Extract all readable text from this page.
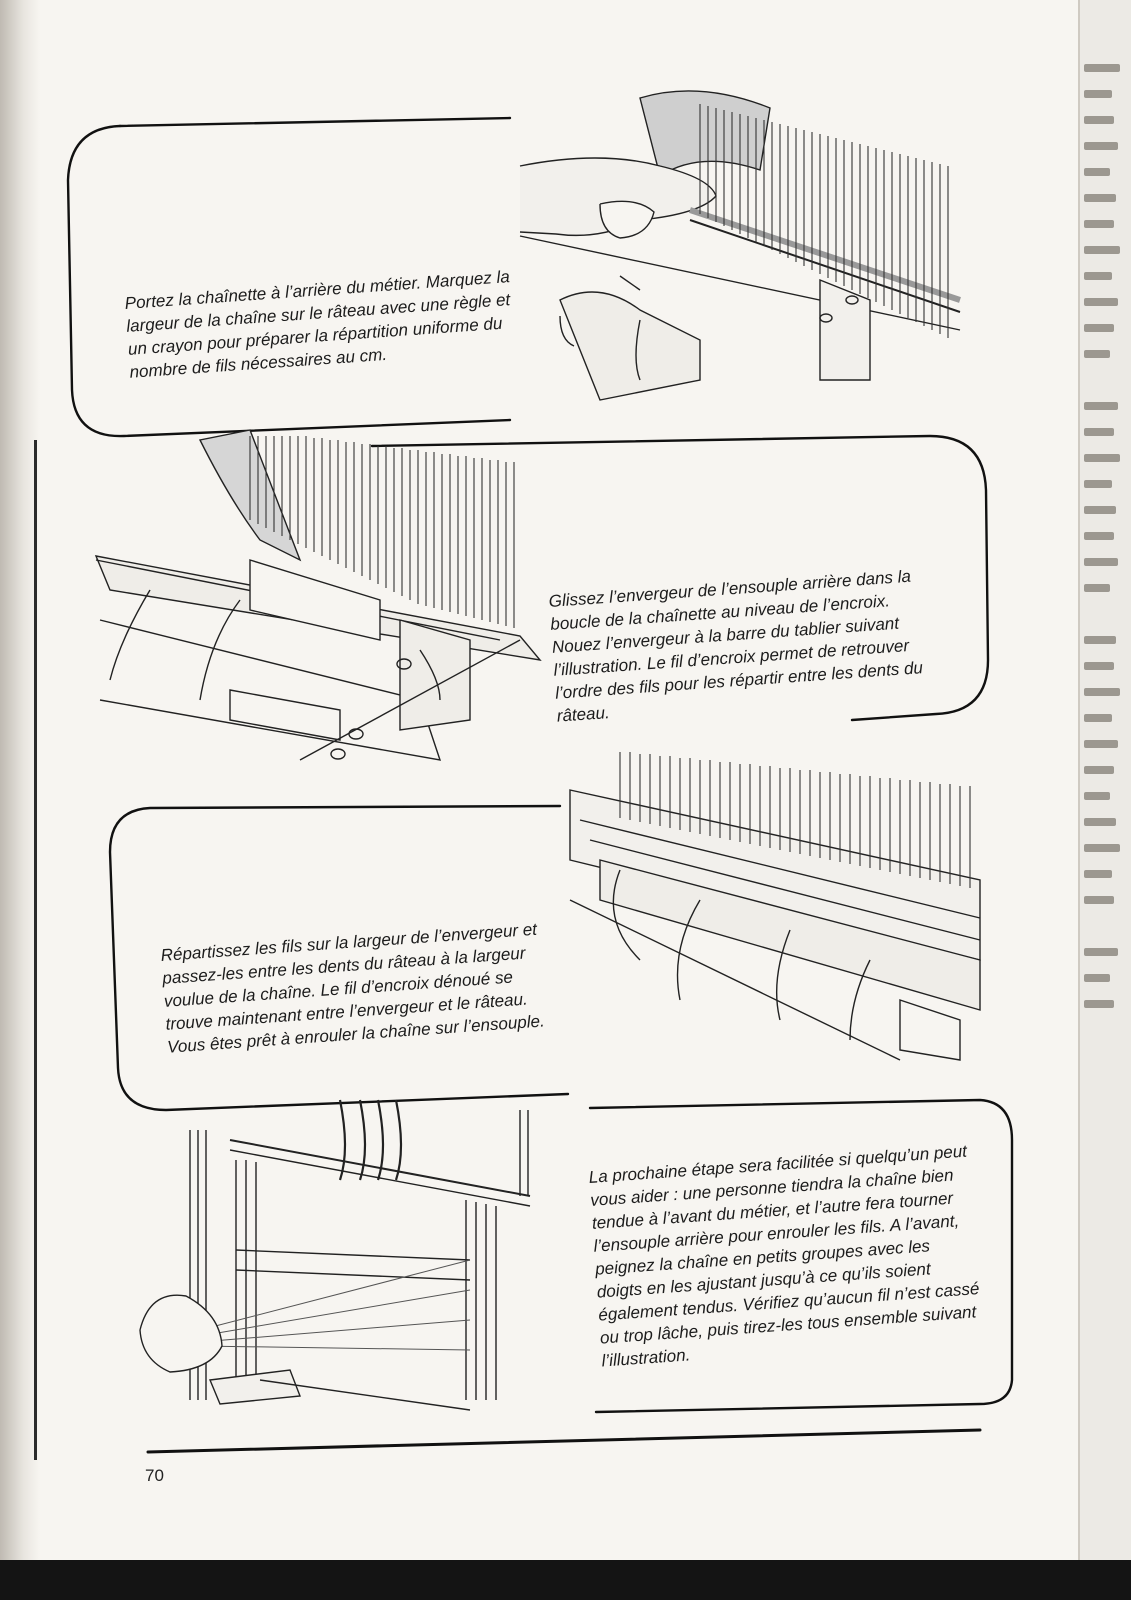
Portez la chaînette à l’arrière du métier. Marquez la largeur de la chaîne sur le râteau avec une règle et un crayon pour préparer la répartition uniforme du nombre de fils nécessaires au cm.

Glissez l’envergeur de l’ensouple arrière dans la boucle de la chaînette au niveau de l’encroix. Nouez l’envergeur à la barre du tablier suivant l’illustration. Le fil d’encroix permet de retrouver l’ordre des fils pour les répartir entre les dents du râteau.

Répartissez les fils sur la largeur de l’envergeur et passez-les entre les dents du râteau à la largeur voulue de la chaîne. Le fil d’encroix dénoué se trouve maintenant entre l’envergeur et le râteau. Vous êtes prêt à enrouler la chaîne sur l’ensouple.

La prochaine étape sera facilitée si quelqu’un peut vous aider : une personne tiendra la chaîne bien tendue à l’avant du métier, et l’autre fera tourner l’ensouple arrière pour enrouler les fils. A l’avant, peignez la chaîne en petits groupes avec les doigts en les ajustant jusqu’à ce qu’ils soient également tendus. Vérifiez qu’aucun fil n’est cassé ou trop lâche, puis tirez-les tous ensemble suivant l’illustration.

70
